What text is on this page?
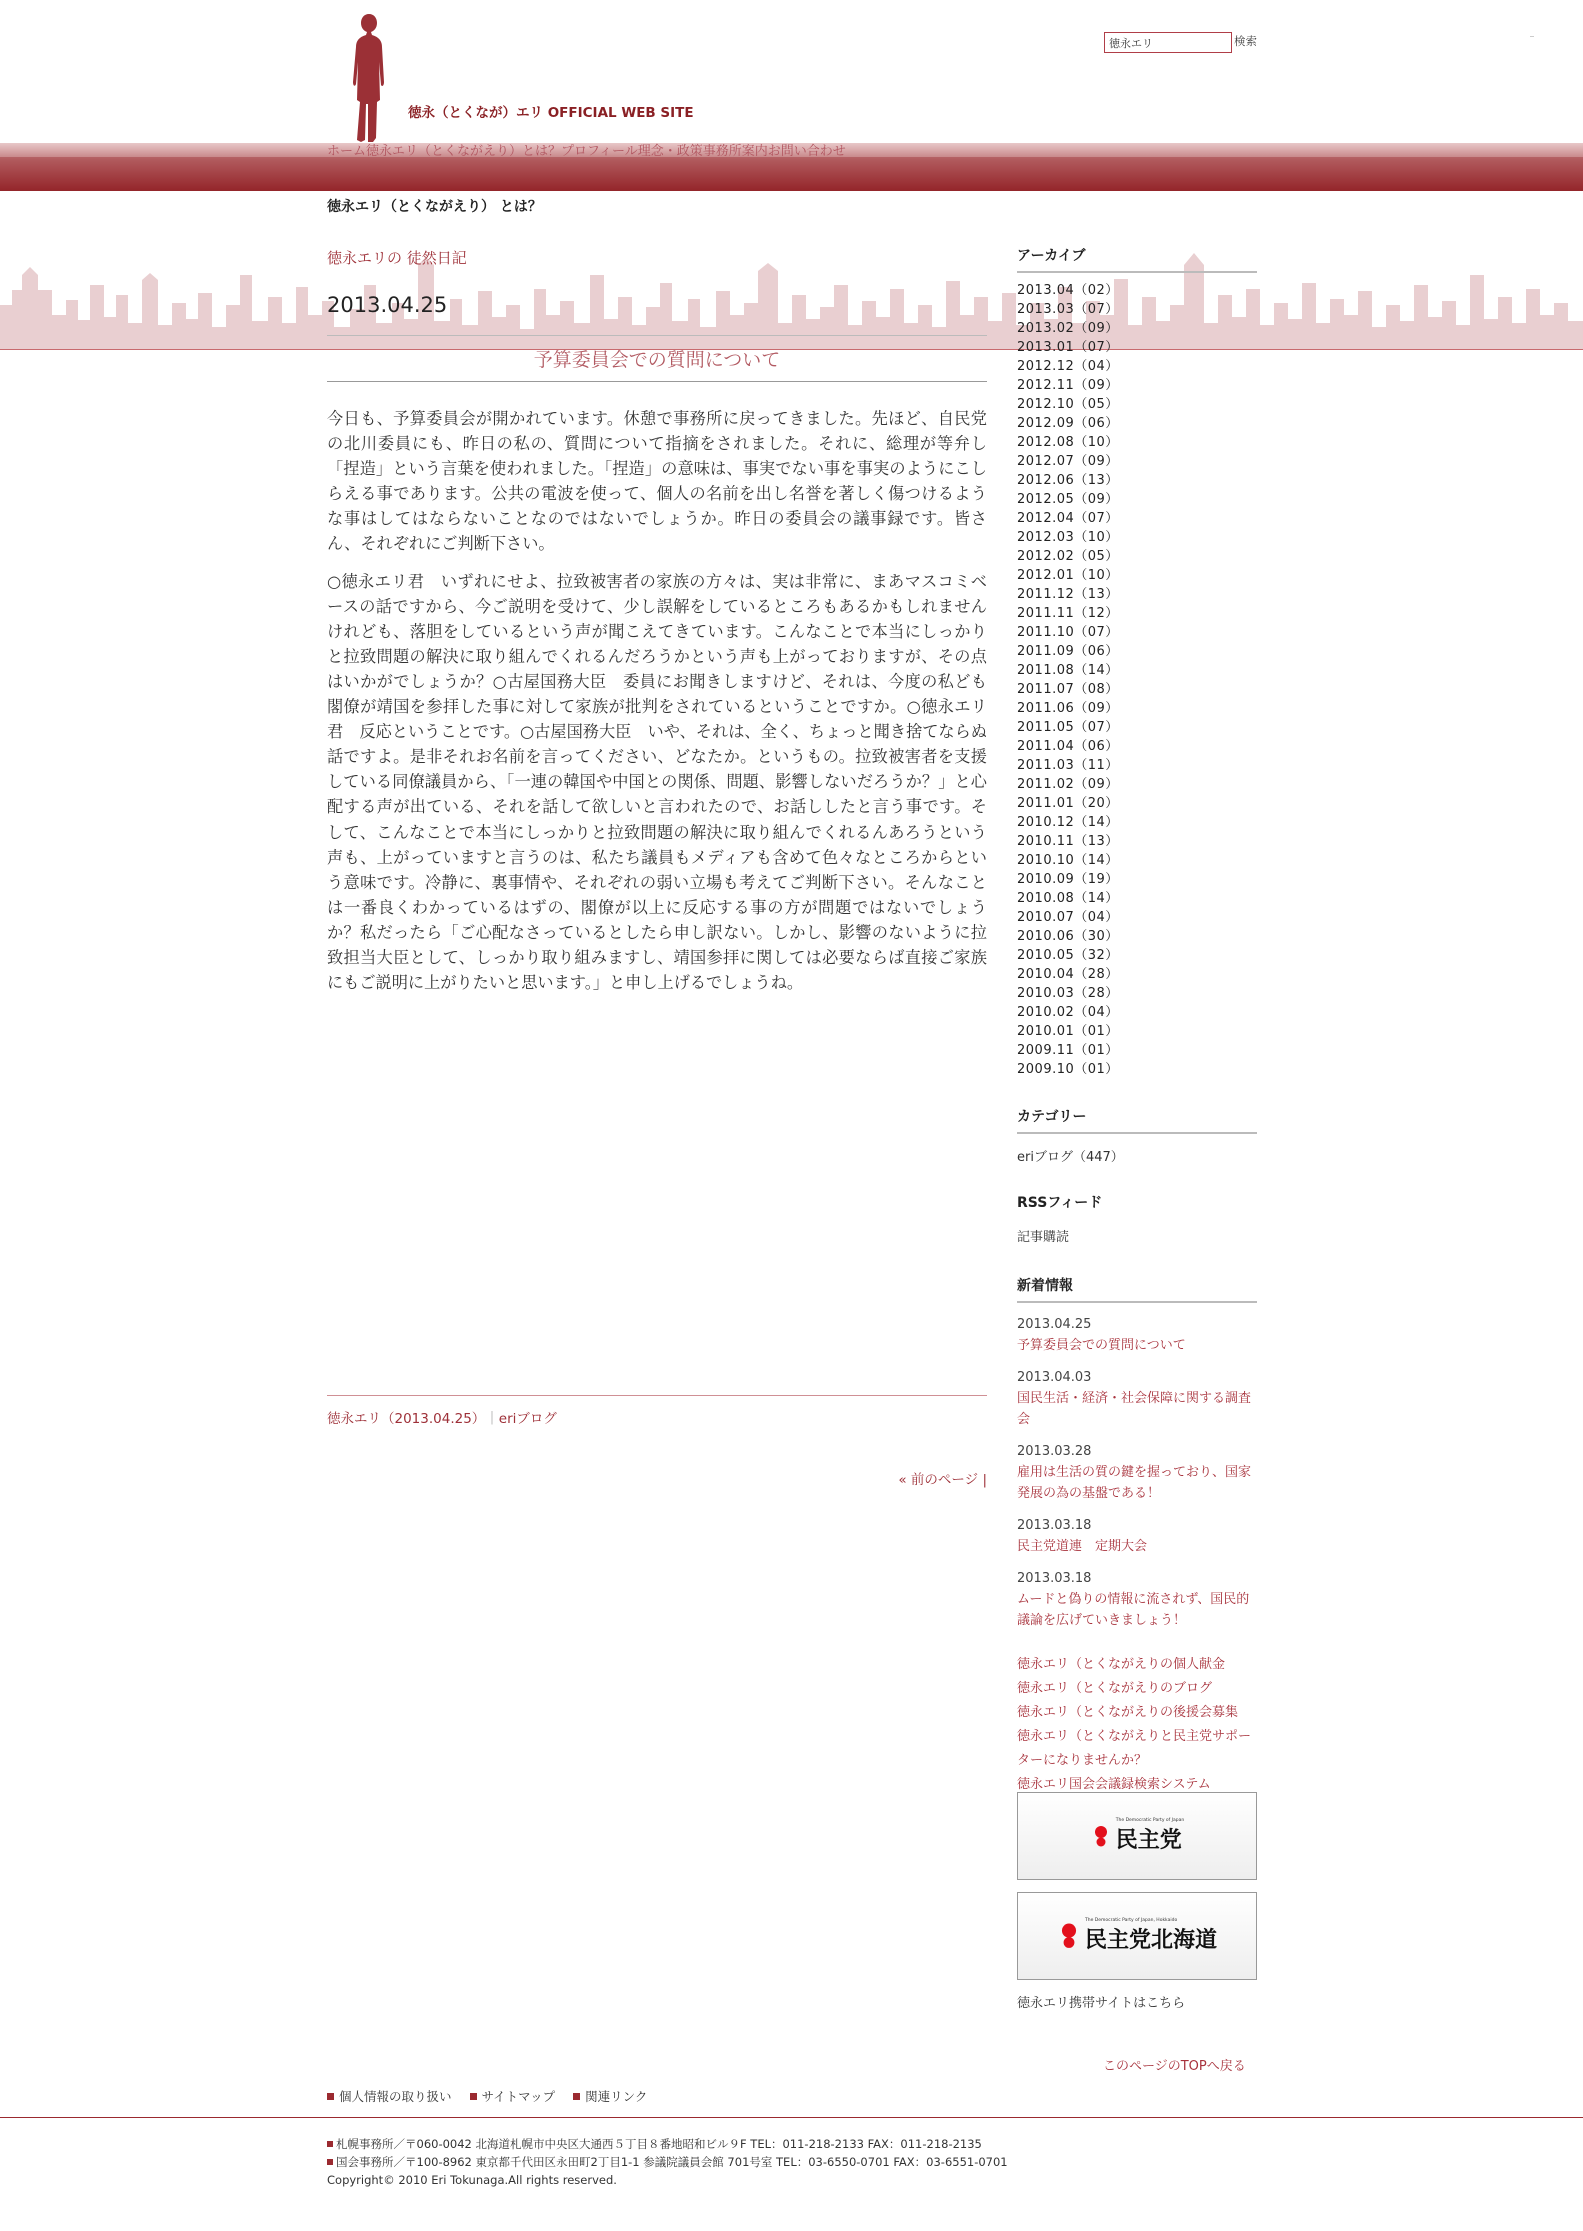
徳永（とくなが）エリ OFFICIAL WEB SITE
徳永エリ
検索
ホーム徳永エリ（とくながえり）とは？プロフィール理念・政策事務所案内お問い合わせ
徳永エリ（とくながえり） とは？
徳永エリの 徒然日記
2013.04.25
予算委員会での質問について

今日も、予算委員会が開かれています。休憩で事務所に戻ってきました。先ほど、自民党の北川委員にも、昨日の私の、質問について指摘をされました。それに、総理が等弁し「捏造」という言葉を使われました。「捏造」の意味は、事実でない事を事実のようにこしらえる事であります。公共の電波を使って、個人の名前を出し名誉を著しく傷つけるような事はしてはならないことなのではないでしょうか。昨日の委員会の議事録です。皆さん、それぞれにご判断下さい。

○徳永エリ君　いずれにせよ、拉致被害者の家族の方々は、実は非常に、まあマスコミベースの話ですから、今ご説明を受けて、少し誤解をしているところもあるかもしれませんけれども、落胆をしているという声が聞こえてきています。こんなことで本当にしっかりと拉致問題の解決に取り組んでくれるんだろうかという声も上がっておりますが、その点はいかがでしょうか？○古屋国務大臣　委員にお聞きしますけど、それは、今度の私ども閣僚が靖国を参拝した事に対して家族が批判をされているということですか。○徳永エリ君　反応ということです。○古屋国務大臣　いや、それは、全く、ちょっと聞き捨てならぬ話ですよ。是非それお名前を言ってください、どなたか。というもの。拉致被害者を支援している同僚議員から、「一連の韓国や中国との関係、問題、影響しないだろうか？」と心配する声が出ている、それを話して欲しいと言われたので、お話ししたと言う事です。そして、こんなことで本当にしっかりと拉致問題の解決に取り組んでくれるんあろうという声も、上がっていますと言うのは、私たち議員もメディアも含めて色々なところからという意味です。冷静に、裏事情や、それぞれの弱い立場も考えてご判断下さい。そんなことは一番良くわかっているはずの、閣僚が以上に反応する事の方が問題ではないでしょうか？私だったら「ご心配なさっているとしたら申し訳ない。しかし、影響のないように拉致担当大臣として、しっかり取り組みますし、靖国参拝に関しては必要ならば直接ご家族にもご説明に上がりたいと思います。」と申し上げるでしょうね。

徳永エリ（2013.04.25）｜eriブログ
« 前のページ |
アーカイブ
2013.04（02）
2013.03（07）
2013.02（09）
2013.01（07）
2012.12（04）
2012.11（09）
2012.10（05）
2012.09（06）
2012.08（10）
2012.07（09）
2012.06（13）
2012.05（09）
2012.04（07）
2012.03（10）
2012.02（05）
2012.01（10）
2011.12（13）
2011.11（12）
2011.10（07）
2011.09（06）
2011.08（14）
2011.07（08）
2011.06（09）
2011.05（07）
2011.04（06）
2011.03（11）
2011.02（09）
2011.01（20）
2010.12（14）
2010.11（13）
2010.10（14）
2010.09（19）
2010.08（14）
2010.07（04）
2010.06（30）
2010.05（32）
2010.04（28）
2010.03（28）
2010.02（04）
2010.01（01）
2009.11（01）
2009.10（01）
カテゴリー
eriブログ（447）
RSSフィード
記事購読
新着情報
2013.04.25
予算委員会での質問について
2013.04.03
国民生活・経済・社会保障に関する調査会
2013.03.28
雇用は生活の質の鍵を握っており、国家発展の為の基盤である！
2013.03.18
民主党道連　定期大会
2013.03.18
ムードと偽りの情報に流されず、国民的議論を広げていきましょう！
徳永エリ（とくながえりの個人献金
徳永エリ（とくながえりのブログ
徳永エリ（とくながえりの後援会募集
徳永エリ（とくながえりと民主党サポーターになりませんか？
徳永エリ国会会議録検索システム
The Democratic Party of Japan
民主党
The Democratic Party of Japan, Hokkaido
民主党北海道
徳永エリ携帯サイトはこちら
このページのTOPへ戻る
個人情報の取り扱い サイトマップ 関連リンク
札幌事務所／〒060-0042 北海道札幌市中央区大通西５丁目８番地昭和ビル９F TEL：011-218-2133 FAX：011-218-2135
国会事務所／〒100-8962 東京都千代田区永田町2丁目1-1 参議院議員会館 701号室 TEL：03-6550-0701 FAX：03-6551-0701
Copyright© 2010 Eri Tokunaga.All rights reserved.
